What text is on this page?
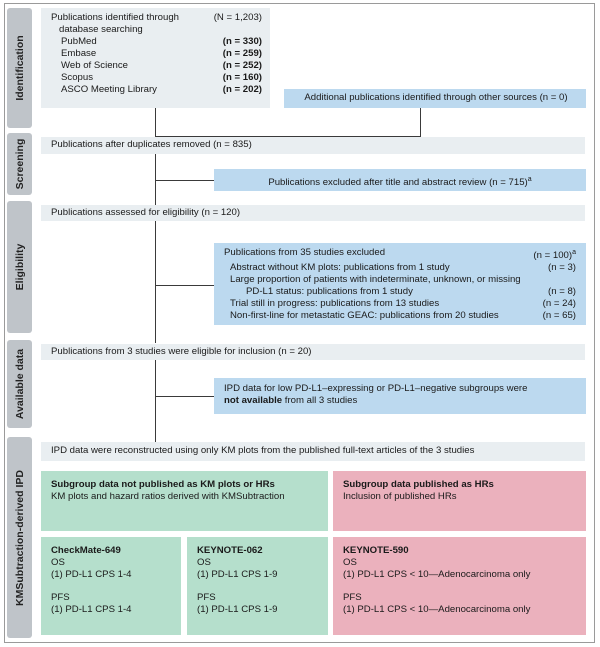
Identification
Screening
Eligibility
Available data
KMSubtraction-derived IPD
Publications identified through	(N = 1,203)
database searching
PubMed	(n = 330)
Embase	(n = 259)
Web of Science	(n = 252)
Scopus	(n = 160)
ASCO Meeting Library	(n = 202)
Additional publications identified through other sources (n = 0)
Publications after duplicates removed (n = 835)
Publications excluded after title and abstract review (n = 715)$^a$
Publications assessed for eligibility (n = 120)
Publications from 35 studies excluded	(n = 100)$^a$
Abstract without KM plots: publications from 1 study	(n = 3)
Large proportion of patients with indeterminate, unknown, or missing
PD-L1 status: publications from 1 study	(n = 8)
Trial still in progress: publications from 13 studies	(n = 24)
Non-first-line for metastatic GEAC: publications from 20 studies	(n = 65)
Publications from 3 studies were eligible for inclusion (n = 20)
IPD data for low PD-L1–expressing or PD-L1–negative subgroups were
not available from all 3 studies
IPD data were reconstructed using only KM plots from the published full-text articles of the 3 studies
Subgroup data not published as KM plots or HRs
KM plots and hazard ratios derived with KMSubtraction
Subgroup data published as HRs
Inclusion of published HRs
CheckMate-649
OS
(1) PD-L1 CPS 1-4
PFS
(1) PD-L1 CPS 1-4
KEYNOTE-062
OS
(1) PD-L1 CPS 1-9
PFS
(1) PD-L1 CPS 1-9
KEYNOTE-590
OS
(1) PD-L1 CPS < 10—Adenocarcinoma only
PFS
(1) PD-L1 CPS < 10—Adenocarcinoma only
